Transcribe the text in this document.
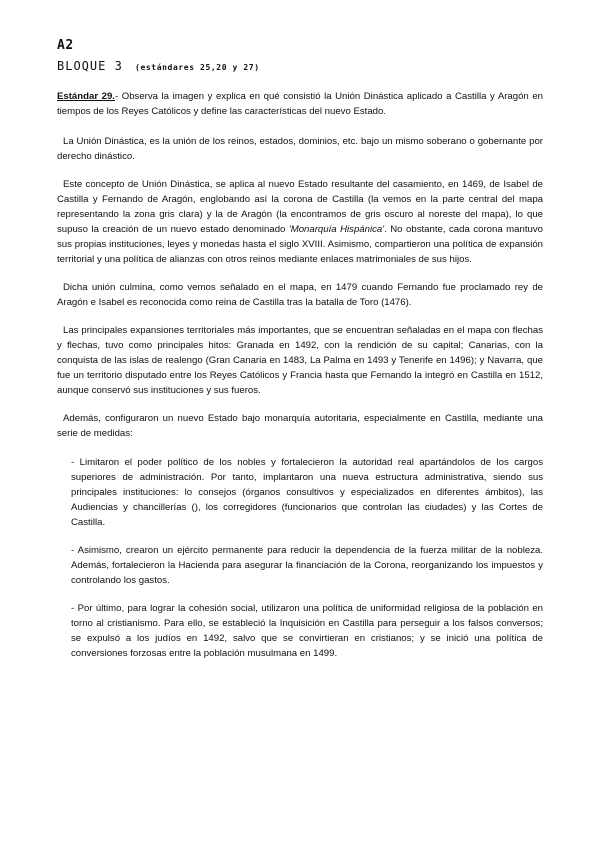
A2
BLOQUE 3 (estándares 25,20 y 27)

Estándar 29.- Observa la imagen y explica en qué consistió la Unión Dinástica aplicado a Castilla y Aragón en tiempos de los Reyes Católicos y define las características del nuevo Estado.

La Unión Dinástica, es la unión de los reinos, estados, dominios, etc. bajo un mismo soberano o gobernante por derecho dinástico.

Este concepto de Unión Dinástica, se aplica al nuevo Estado resultante del casamiento, en 1469, de Isabel de Castilla y Fernando de Aragón, englobando así la corona de Castilla (la vemos en la parte central del mapa representando la zona gris clara) y la de Aragón (la encontramos de gris oscuro al noreste del mapa), lo que supuso la creación de un nuevo estado denominado 'Monarquía Hispánica'. No obstante, cada corona mantuvo sus propias instituciones, leyes y monedas hasta el siglo XVIII. Asimismo, compartieron una política de expansión territorial y una política de alianzas con otros reinos mediante enlaces matrimoniales de sus hijos.

Dicha unión culmina, como vemos señalado en el mapa, en 1479 cuando Fernando fue proclamado rey de Aragón e Isabel es reconocida como reina de Castilla tras la batalla de Toro (1476).

Las principales expansiones territoriales más importantes, que se encuentran señaladas en el mapa con flechas y flechas, tuvo como principales hitos: Granada en 1492, con la rendición de su capital; Canarias, con la conquista de las islas de realengo (Gran Canaria en 1483, La Palma en 1493 y Tenerife en 1496); y Navarra, que fue un territorio disputado entre los Reyes Católicos y Francia hasta que Fernando la integró en Castilla en 1512, aunque conservó sus instituciones y sus fueros.

Además, configuraron un nuevo Estado bajo monarquía autoritaria, especialmente en Castilla, mediante una serie de medidas:

- Limitaron el poder político de los nobles y fortalecieron la autoridad real apartándolos de los cargos superiores de administración. Por tanto, implantaron una nueva estructura administrativa, siendo sus principales instituciones: lo consejos (órganos consultivos y especializados en diferentes ámbitos), las Audiencias y chancillerías (), los corregidores (funcionarios que controlan las ciudades) y las Cortes de Castilla.

- Asimismo, crearon un ejército permanente para reducir la dependencia de la fuerza militar de la nobleza. Además, fortalecieron la Hacienda para asegurar la financiación de la Corona, reorganizando los impuestos y controlando los gastos.

- Por último, para lograr la cohesión social, utilizaron una política de uniformidad religiosa de la población en torno al cristianismo. Para ello, se estableció la Inquisición en Castilla para perseguir a los falsos conversos; se expulsó a los judíos en 1492, salvo que se convirtieran en cristianos; y se inició una política de conversiones forzosas entre la población musulmana en 1499.
